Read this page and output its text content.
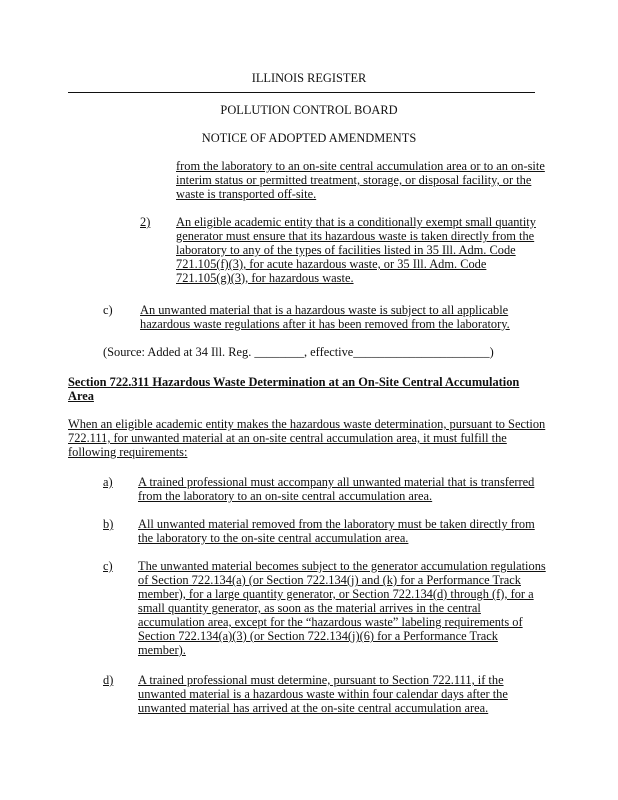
ILLINOIS REGISTER
POLLUTION CONTROL BOARD
NOTICE OF ADOPTED AMENDMENTS
from the laboratory to an on-site central accumulation area or to an on-site
interim status or permitted treatment, storage, or disposal facility, or the
waste is transported off-site.
2) An eligible academic entity that is a conditionally exempt small quantity
generator must ensure that its hazardous waste is taken directly from the
laboratory to any of the types of facilities listed in 35 Ill. Adm. Code
721.105(f)(3), for acute hazardous waste, or 35 Ill. Adm. Code
721.105(g)(3), for hazardous waste.
c) An unwanted material that is a hazardous waste is subject to all applicable
hazardous waste regulations after it has been removed from the laboratory.
(Source: Added at 34 Ill. Reg. ________, effective______________________)
Section 722.311 Hazardous Waste Determination at an On-Site Central Accumulation
Area
When an eligible academic entity makes the hazardous waste determination, pursuant to Section
722.111, for unwanted material at an on-site central accumulation area, it must fulfill the
following requirements:
a) A trained professional must accompany all unwanted material that is transferred
from the laboratory to an on-site central accumulation area.
b) All unwanted material removed from the laboratory must be taken directly from
the laboratory to the on-site central accumulation area.
c) The unwanted material becomes subject to the generator accumulation regulations
of Section 722.134(a) (or Section 722.134(j) and (k) for a Performance Track
member), for a large quantity generator, or Section 722.134(d) through (f), for a
small quantity generator, as soon as the material arrives in the central
accumulation area, except for the “hazardous waste” labeling requirements of
Section 722.134(a)(3) (or Section 722.134(j)(6) for a Performance Track
member).
d) A trained professional must determine, pursuant to Section 722.111, if the
unwanted material is a hazardous waste within four calendar days after the
unwanted material has arrived at the on-site central accumulation area.
